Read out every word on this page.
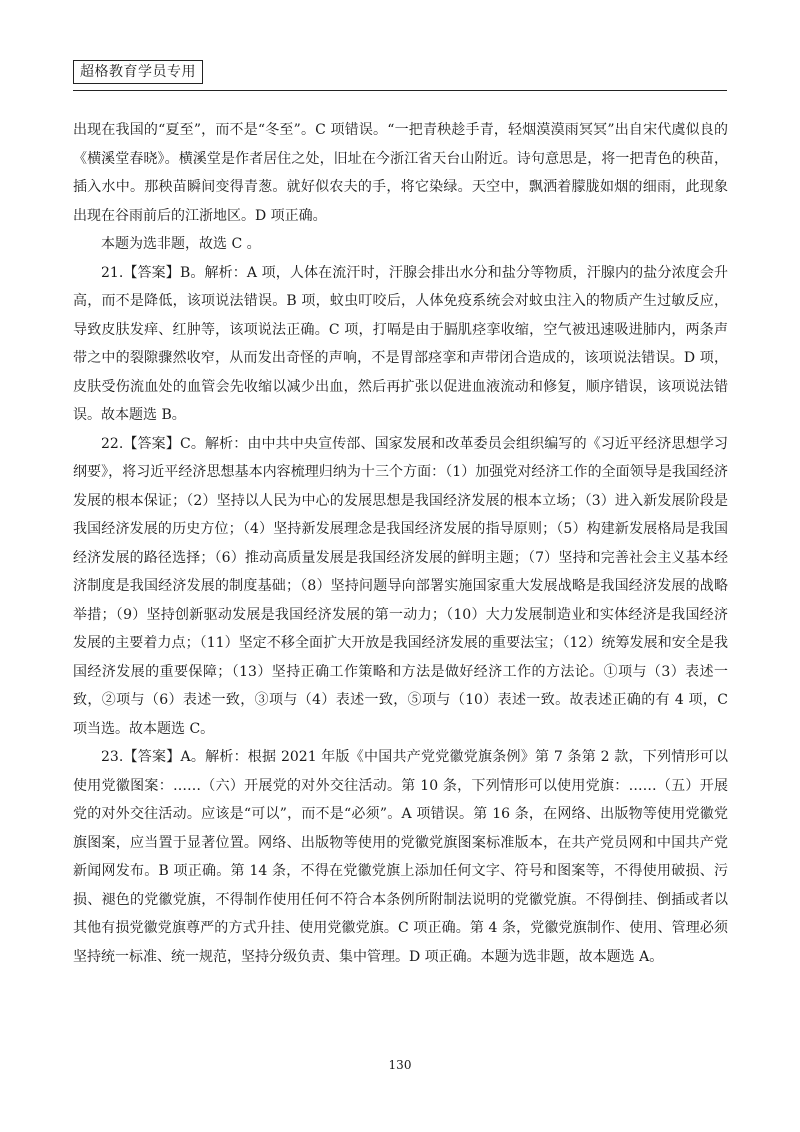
超格教育学员专用

出现在我国的“夏至”，而不是“冬至”。C 项错误。“一把青秧趁手青，轻烟漠漠雨冥冥”出自宋代虞似良的《横溪堂春晓》。横溪堂是作者居住之处，旧址在今浙江省天台山附近。诗句意思是，将一把青色的秧苗，插入水中。那秧苗瞬间变得青葱。就好似农夫的手，将它染绿。天空中，飘洒着朦胧如烟的细雨，此现象出现在谷雨前后的江浙地区。D 项正确。

本题为选非题，故选 C 。

21.【答案】B。解析：A 项，人体在流汗时，汗腺会排出水分和盐分等物质，汗腺内的盐分浓度会升高，而不是降低，该项说法错误。B 项，蚊虫叮咬后，人体免疫系统会对蚊虫注入的物质产生过敏反应，导致皮肤发痒、红肿等，该项说法正确。C 项，打嗝是由于膈肌痉挛收缩，空气被迅速吸进肺内，两条声带之中的裂隙骤然收窄，从而发出奇怪的声响，不是胃部痉挛和声带闭合造成的，该项说法错误。D 项，皮肤受伤流血处的血管会先收缩以减少出血，然后再扩张以促进血液流动和修复，顺序错误，该项说法错误。故本题选 B。

22.【答案】C。解析：由中共中央宣传部、国家发展和改革委员会组织编写的《习近平经济思想学习纲要》，将习近平经济思想基本内容梳理归纳为十三个方面：（1）加强党对经济工作的全面领导是我国经济发展的根本保证；（2）坚持以人民为中心的发展思想是我国经济发展的根本立场；（3）进入新发展阶段是我国经济发展的历史方位；（4）坚持新发展理念是我国经济发展的指导原则；（5）构建新发展格局是我国经济发展的路径选择；（6）推动高质量发展是我国经济发展的鲜明主题；（7）坚持和完善社会主义基本经济制度是我国经济发展的制度基础；（8）坚持问题导向部署实施国家重大发展战略是我国经济发展的战略举措；（9）坚持创新驱动发展是我国经济发展的第一动力；（10）大力发展制造业和实体经济是我国经济发展的主要着力点；（11）坚定不移全面扩大开放是我国经济发展的重要法宝；（12）统筹发展和安全是我国经济发展的重要保障；（13）坚持正确工作策略和方法是做好经济工作的方法论。①项与（3）表述一致，②项与（6）表述一致，③项与（4）表述一致，⑤项与（10）表述一致。故表述正确的有 4 项，C 项当选。故本题选 C。

23.【答案】A。解析：根据 2021 年版《中国共产党党徽党旗条例》第 7 条第 2 款，下列情形可以使用党徽图案：……（六）开展党的对外交往活动。第 10 条，下列情形可以使用党旗：……（五）开展党的对外交往活动。应该是“可以”，而不是“必须”。A 项错误。第 16 条，在网络、出版物等使用党徽党旗图案，应当置于显著位置。网络、出版物等使用的党徽党旗图案标准版本，在共产党员网和中国共产党新闻网发布。B 项正确。第 14 条，不得在党徽党旗上添加任何文字、符号和图案等，不得使用破损、污损、褪色的党徽党旗，不得制作使用任何不符合本条例所附制法说明的党徽党旗。不得倒挂、倒插或者以其他有损党徽党旗尊严的方式升挂、使用党徽党旗。C 项正确。第 4 条，党徽党旗制作、使用、管理必须坚持统一标准、统一规范，坚持分级负责、集中管理。D 项正确。本题为选非题，故本题选 A。

130
